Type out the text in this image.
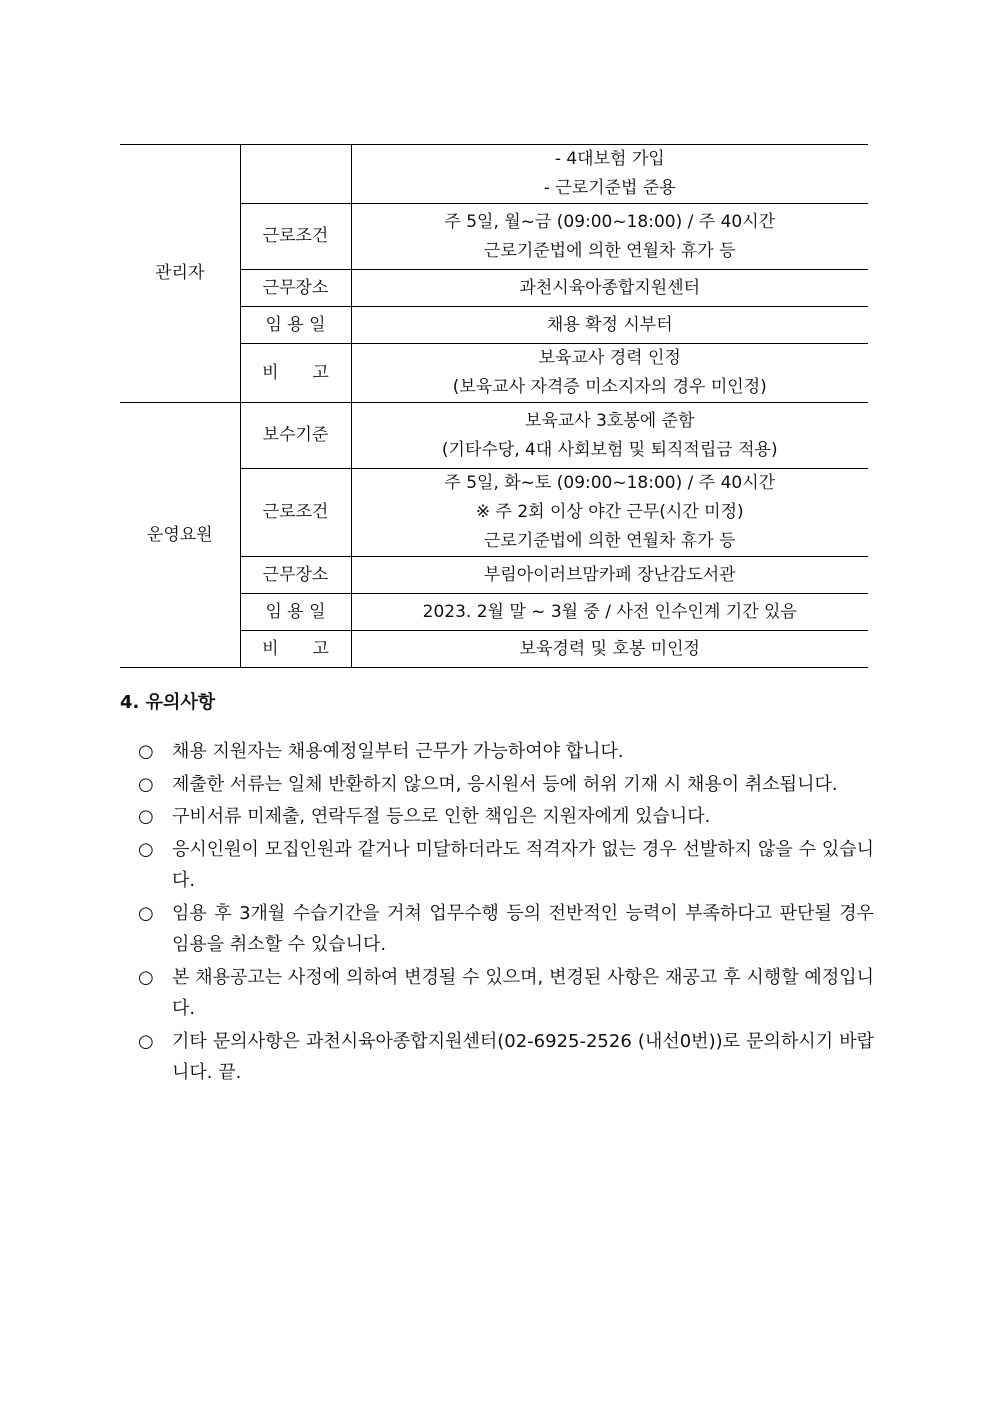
관리자		- 4대보험 가입
- 근로기준법 준용

	근로조건	주 5일, 월~금 (09:00~18:00) / 주 40시간
근로기준법에 의한 연월차 휴가 등

	근무장소	과천시육아종합지원센터

	임 용 일	채용 확정 시부터

	비　　고	보육교사 경력 인정
(보육교사 자격증 미소지자의 경우 미인정)

운영요원	보수기준	보육교사 3호봉에 준함
(기타수당, 4대 사회보험 및 퇴직적립금 적용)

	근로조건	주 5일, 화~토 (09:00~18:00) / 주 40시간
※ 주 2회 이상 야간 근무(시간 미정)
근로기준법에 의한 연월차 휴가 등

	근무장소	부림아이러브맘카페 장난감도서관

	임 용 일	2023. 2월 말 ~ 3월 중 / 사전 인수인계 기간 있음

	비　　고	보육경력 및 호봉 미인정
4. 유의사항
○ 채용 지원자는 채용예정일부터 근무가 가능하여야 합니다.
○ 제출한 서류는 일체 반환하지 않으며, 응시원서 등에 허위 기재 시 채용이 취소됩니다.
○ 구비서류 미제출, 연락두절 등으로 인한 책임은 지원자에게 있습니다.
○ 응시인원이 모집인원과 같거나 미달하더라도 적격자가 없는 경우 선발하지 않을 수 있습니다.
○ 임용 후 3개월 수습기간을 거쳐 업무수행 등의 전반적인 능력이 부족하다고 판단될 경우 임용을 취소할 수 있습니다.
○ 본 채용공고는 사정에 의하여 변경될 수 있으며, 변경된 사항은 재공고 후 시행할 예정입니다.
○ 기타 문의사항은 과천시육아종합지원센터(02-6925-2526 (내선0번))로 문의하시기 바랍니다. 끝.
